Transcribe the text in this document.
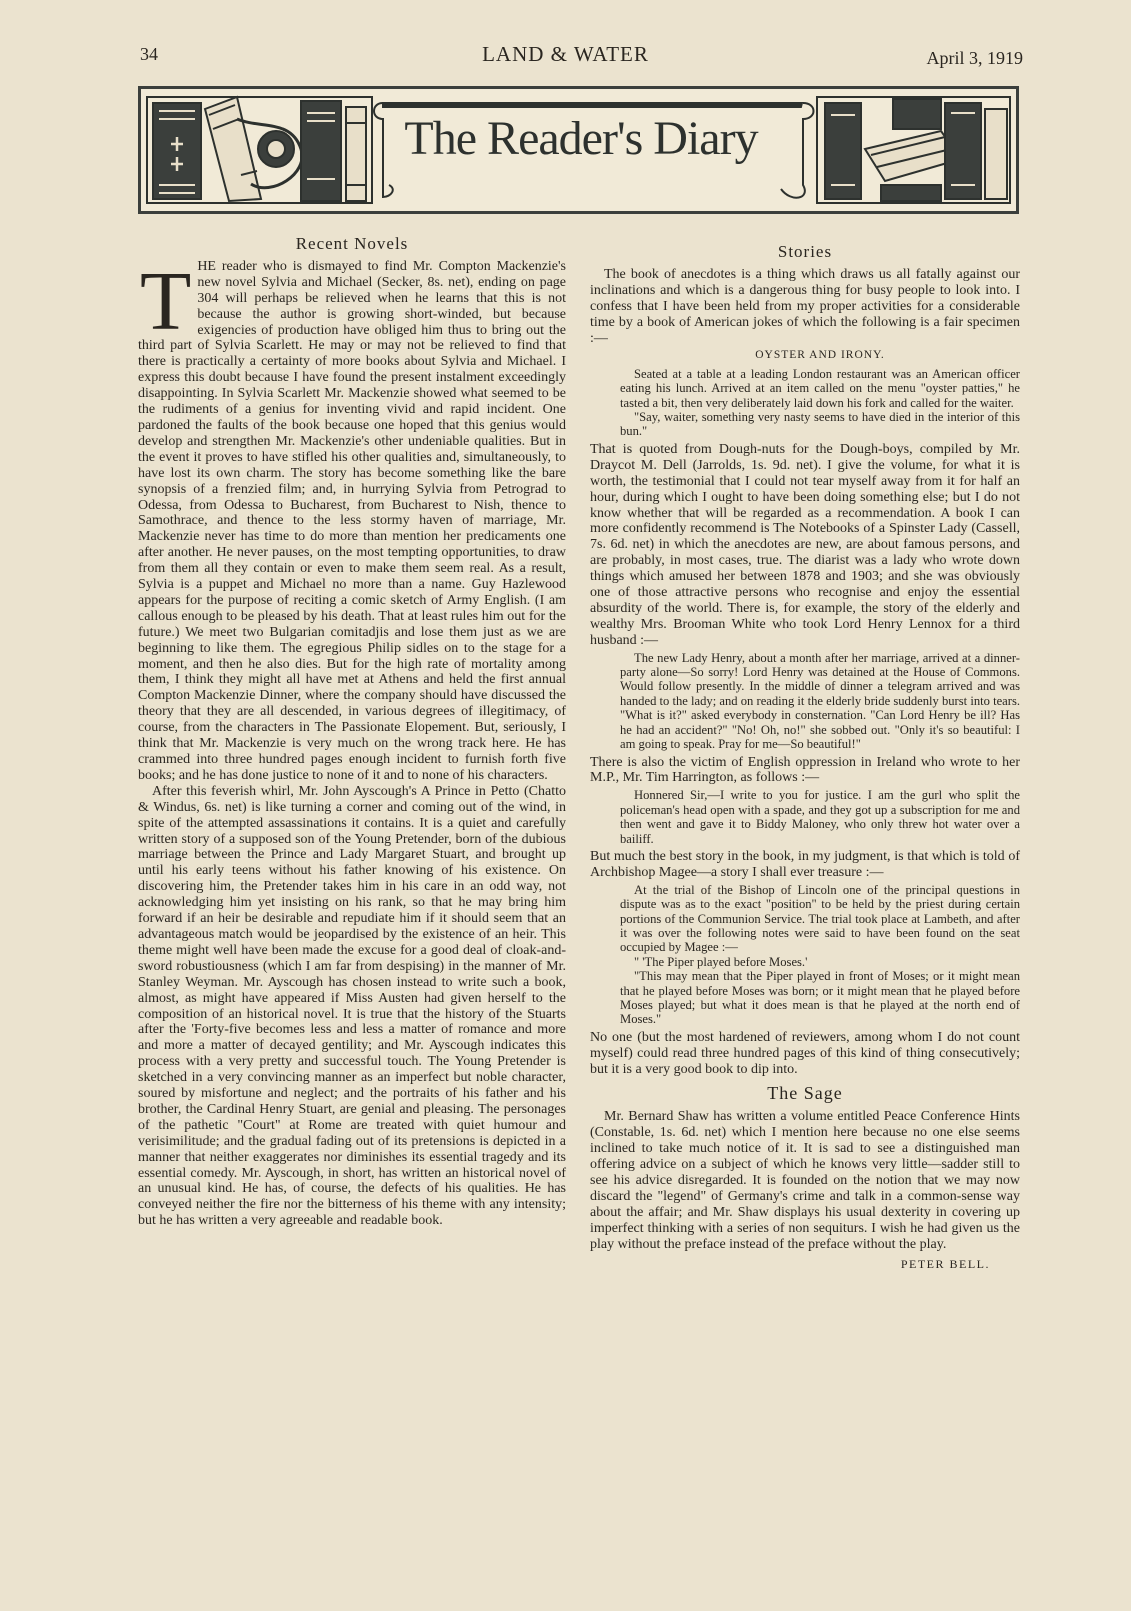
34	LAND & WATER	April 3, 1919
The Reader's Diary
Recent Novels

THE reader who is dismayed to find Mr. Compton Mackenzie's new novel Sylvia and Michael (Secker, 8s. net), ending on page 304 will perhaps be relieved when he learns that this is not because the author is growing short-winded, but because exigencies of production have obliged him thus to bring out the third part of Sylvia Scarlett. He may or may not be relieved to find that there is practically a certainty of more books about Sylvia and Michael. I express this doubt because I have found the present instalment exceedingly disappointing. In Sylvia Scarlett Mr. Mackenzie showed what seemed to be the rudiments of a genius for inventing vivid and rapid incident. One pardoned the faults of the book because one hoped that this genius would develop and strengthen Mr. Mackenzie's other undeniable qualities. But in the event it proves to have stifled his other qualities and, simultaneously, to have lost its own charm. The story has become something like the bare synopsis of a frenzied film; and, in hurrying Sylvia from Petrograd to Odessa, from Odessa to Bucharest, from Bucharest to Nish, thence to Samothrace, and thence to the less stormy haven of marriage, Mr. Mackenzie never has time to do more than mention her predicaments one after another. He never pauses, on the most tempting opportunities, to draw from them all they contain or even to make them seem real. As a result, Sylvia is a puppet and Michael no more than a name. Guy Hazlewood appears for the purpose of reciting a comic sketch of Army English. (I am callous enough to be pleased by his death. That at least rules him out for the future.) We meet two Bulgarian comitadjis and lose them just as we are beginning to like them. The egregious Philip sidles on to the stage for a moment, and then he also dies. But for the high rate of mortality among them, I think they might all have met at Athens and held the first annual Compton Mackenzie Dinner, where the company should have discussed the theory that they are all descended, in various degrees of illegitimacy, of course, from the characters in The Passionate Elopement. But, seriously, I think that Mr. Mackenzie is very much on the wrong track here. He has crammed into three hundred pages enough incident to furnish forth five books; and he has done justice to none of it and to none of his characters.

After this feverish whirl, Mr. John Ayscough's A Prince in Petto (Chatto & Windus, 6s. net) is like turning a corner and coming out of the wind, in spite of the attempted assassinations it contains. It is a quiet and carefully written story of a supposed son of the Young Pretender, born of the dubious marriage between the Prince and Lady Margaret Stuart, and brought up until his early teens without his father knowing of his existence. On discovering him, the Pretender takes him in his care in an odd way, not acknowledging him yet insisting on his rank, so that he may bring him forward if an heir be desirable and repudiate him if it should seem that an advantageous match would be jeopardised by the existence of an heir. This theme might well have been made the excuse for a good deal of cloak-and-sword robustiousness (which I am far from despising) in the manner of Mr. Stanley Weyman. Mr. Ayscough has chosen instead to write such a book, almost, as might have appeared if Miss Austen had given herself to the composition of an historical novel. It is true that the history of the Stuarts after the 'Forty-five becomes less and less a matter of romance and more and more a matter of decayed gentility; and Mr. Ayscough indicates this process with a very pretty and successful touch. The Young Pretender is sketched in a very convincing manner as an imperfect but noble character, soured by misfortune and neglect; and the portraits of his father and his brother, the Cardinal Henry Stuart, are genial and pleasing. The personages of the pathetic "Court" at Rome are treated with quiet humour and verisimilitude; and the gradual fading out of its pretensions is depicted in a manner that neither exaggerates nor diminishes its essential tragedy and its essential comedy. Mr. Ayscough, in short, has written an historical novel of an unusual kind. He has, of course, the defects of his qualities. He has conveyed neither the fire nor the bitterness of his theme with any intensity; but he has written a very agreeable and readable book.

Stories

The book of anecdotes is a thing which draws us all fatally against our inclinations and which is a dangerous thing for busy people to look into. I confess that I have been held from my proper activities for a considerable time by a book of American jokes of which the following is a fair specimen :—

OYSTER AND IRONY.

Seated at a table at a leading London restaurant was an American officer eating his lunch. Arrived at an item called on the menu "oyster patties," he tasted a bit, then very deliberately laid down his fork and called for the waiter.

"Say, waiter, something very nasty seems to have died in the interior of this bun."

That is quoted from Dough-nuts for the Dough-boys, compiled by Mr. Draycot M. Dell (Jarrolds, 1s. 9d. net). I give the volume, for what it is worth, the testimonial that I could not tear myself away from it for half an hour, during which I ought to have been doing something else; but I do not know whether that will be regarded as a recommendation. A book I can more confidently recommend is The Notebooks of a Spinster Lady (Cassell, 7s. 6d. net) in which the anecdotes are new, are about famous persons, and are probably, in most cases, true. The diarist was a lady who wrote down things which amused her between 1878 and 1903; and she was obviously one of those attractive persons who recognise and enjoy the essential absurdity of the world. There is, for example, the story of the elderly and wealthy Mrs. Brooman White who took Lord Henry Lennox for a third husband :—

The new Lady Henry, about a month after her marriage, arrived at a dinner-party alone—So sorry! Lord Henry was detained at the House of Commons. Would follow presently. In the middle of dinner a telegram arrived and was handed to the lady; and on reading it the elderly bride suddenly burst into tears. "What is it?" asked everybody in consternation. "Can Lord Henry be ill? Has he had an accident?" "No! Oh, no!" she sobbed out. "Only it's so beautiful: I am going to speak. Pray for me—So beautiful!"

There is also the victim of English oppression in Ireland who wrote to her M.P., Mr. Tim Harrington, as follows :—

Honnered Sir,—I write to you for justice. I am the gurl who split the policeman's head open with a spade, and they got up a subscription for me and then went and gave it to Biddy Maloney, who only threw hot water over a bailiff.

But much the best story in the book, in my judgment, is that which is told of Archbishop Magee—a story I shall ever treasure :—

At the trial of the Bishop of Lincoln one of the principal questions in dispute was as to the exact "position" to be held by the priest during certain portions of the Communion Service. The trial took place at Lambeth, and after it was over the following notes were said to have been found on the seat occupied by Magee :—

" 'The Piper played before Moses.'

"This may mean that the Piper played in front of Moses; or it might mean that he played before Moses was born; or it might mean that he played before Moses played; but what it does mean is that he played at the north end of Moses."

No one (but the most hardened of reviewers, among whom I do not count myself) could read three hundred pages of this kind of thing consecutively; but it is a very good book to dip into.

The Sage

Mr. Bernard Shaw has written a volume entitled Peace Conference Hints (Constable, 1s. 6d. net) which I mention here because no one else seems inclined to take much notice of it. It is sad to see a distinguished man offering advice on a subject of which he knows very little—sadder still to see his advice disregarded. It is founded on the notion that we may now discard the "legend" of Germany's crime and talk in a common-sense way about the affair; and Mr. Shaw displays his usual dexterity in covering up imperfect thinking with a series of non sequiturs. I wish he had given us the play without the preface instead of the preface without the play.

PETER BELL.
